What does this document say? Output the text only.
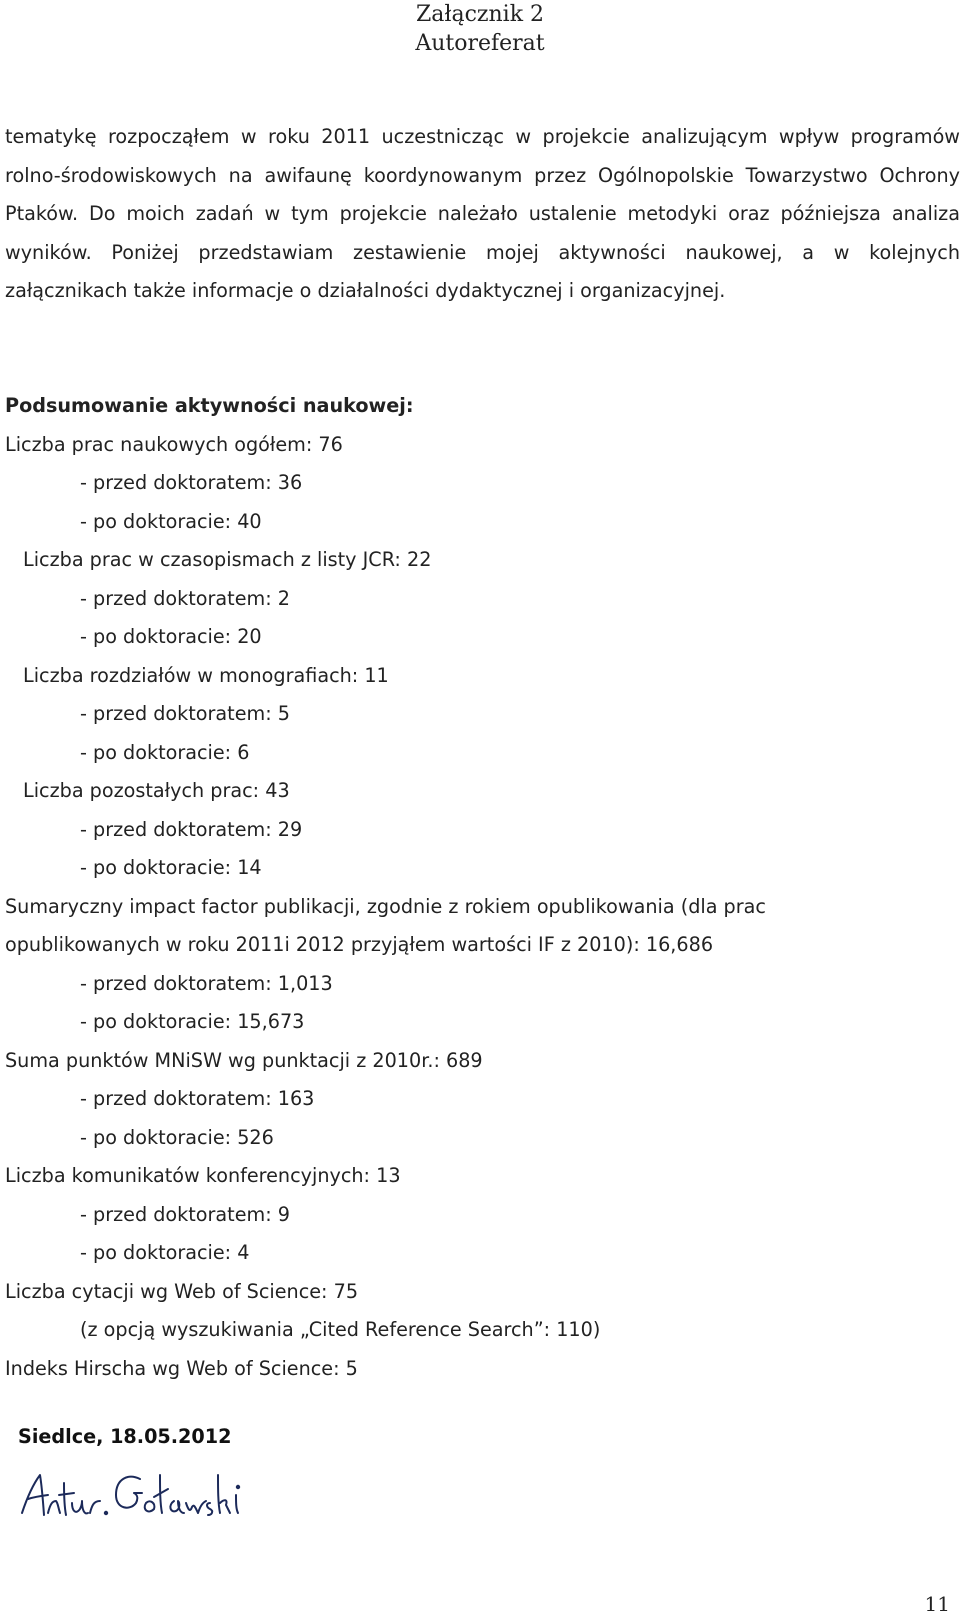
Załącznik 2
Autoreferat

tematykę rozpocząłem w roku 2011 uczestnicząc w projekcie analizującym wpływ programów rolno-środowiskowych na awifaunę koordynowanym przez Ogólnopolskie Towarzystwo Ochrony Ptaków. Do moich zadań w tym projekcie należało ustalenie metodyki oraz późniejsza analiza wyników. Poniżej przedstawiam zestawienie mojej aktywności naukowej, a w kolejnych załącznikach także informacje o działalności dydaktycznej i organizacyjnej.

Podsumowanie aktywności naukowej:
Liczba prac naukowych ogółem: 76
- przed doktoratem: 36
- po doktoracie: 40
Liczba prac w czasopismach z listy JCR: 22
- przed doktoratem: 2
- po doktoracie: 20
Liczba rozdziałów w monografiach: 11
- przed doktoratem: 5
- po doktoracie: 6
Liczba pozostałych prac: 43
- przed doktoratem: 29
- po doktoracie: 14
Sumaryczny impact factor publikacji, zgodnie z rokiem opublikowania (dla prac
opublikowanych w roku 2011i 2012 przyjąłem wartości IF z 2010): 16,686
- przed doktoratem: 1,013
- po doktoracie: 15,673
Suma punktów MNiSW wg punktacji z 2010r.: 689
- przed doktoratem: 163
- po doktoracie: 526
Liczba komunikatów konferencyjnych: 13
- przed doktoratem: 9
- po doktoracie: 4
Liczba cytacji wg Web of Science: 75
(z opcją wyszukiwania „Cited Reference Search”: 110)
Indeks Hirscha wg Web of Science: 5
Siedlce, 18.05.2012
11
